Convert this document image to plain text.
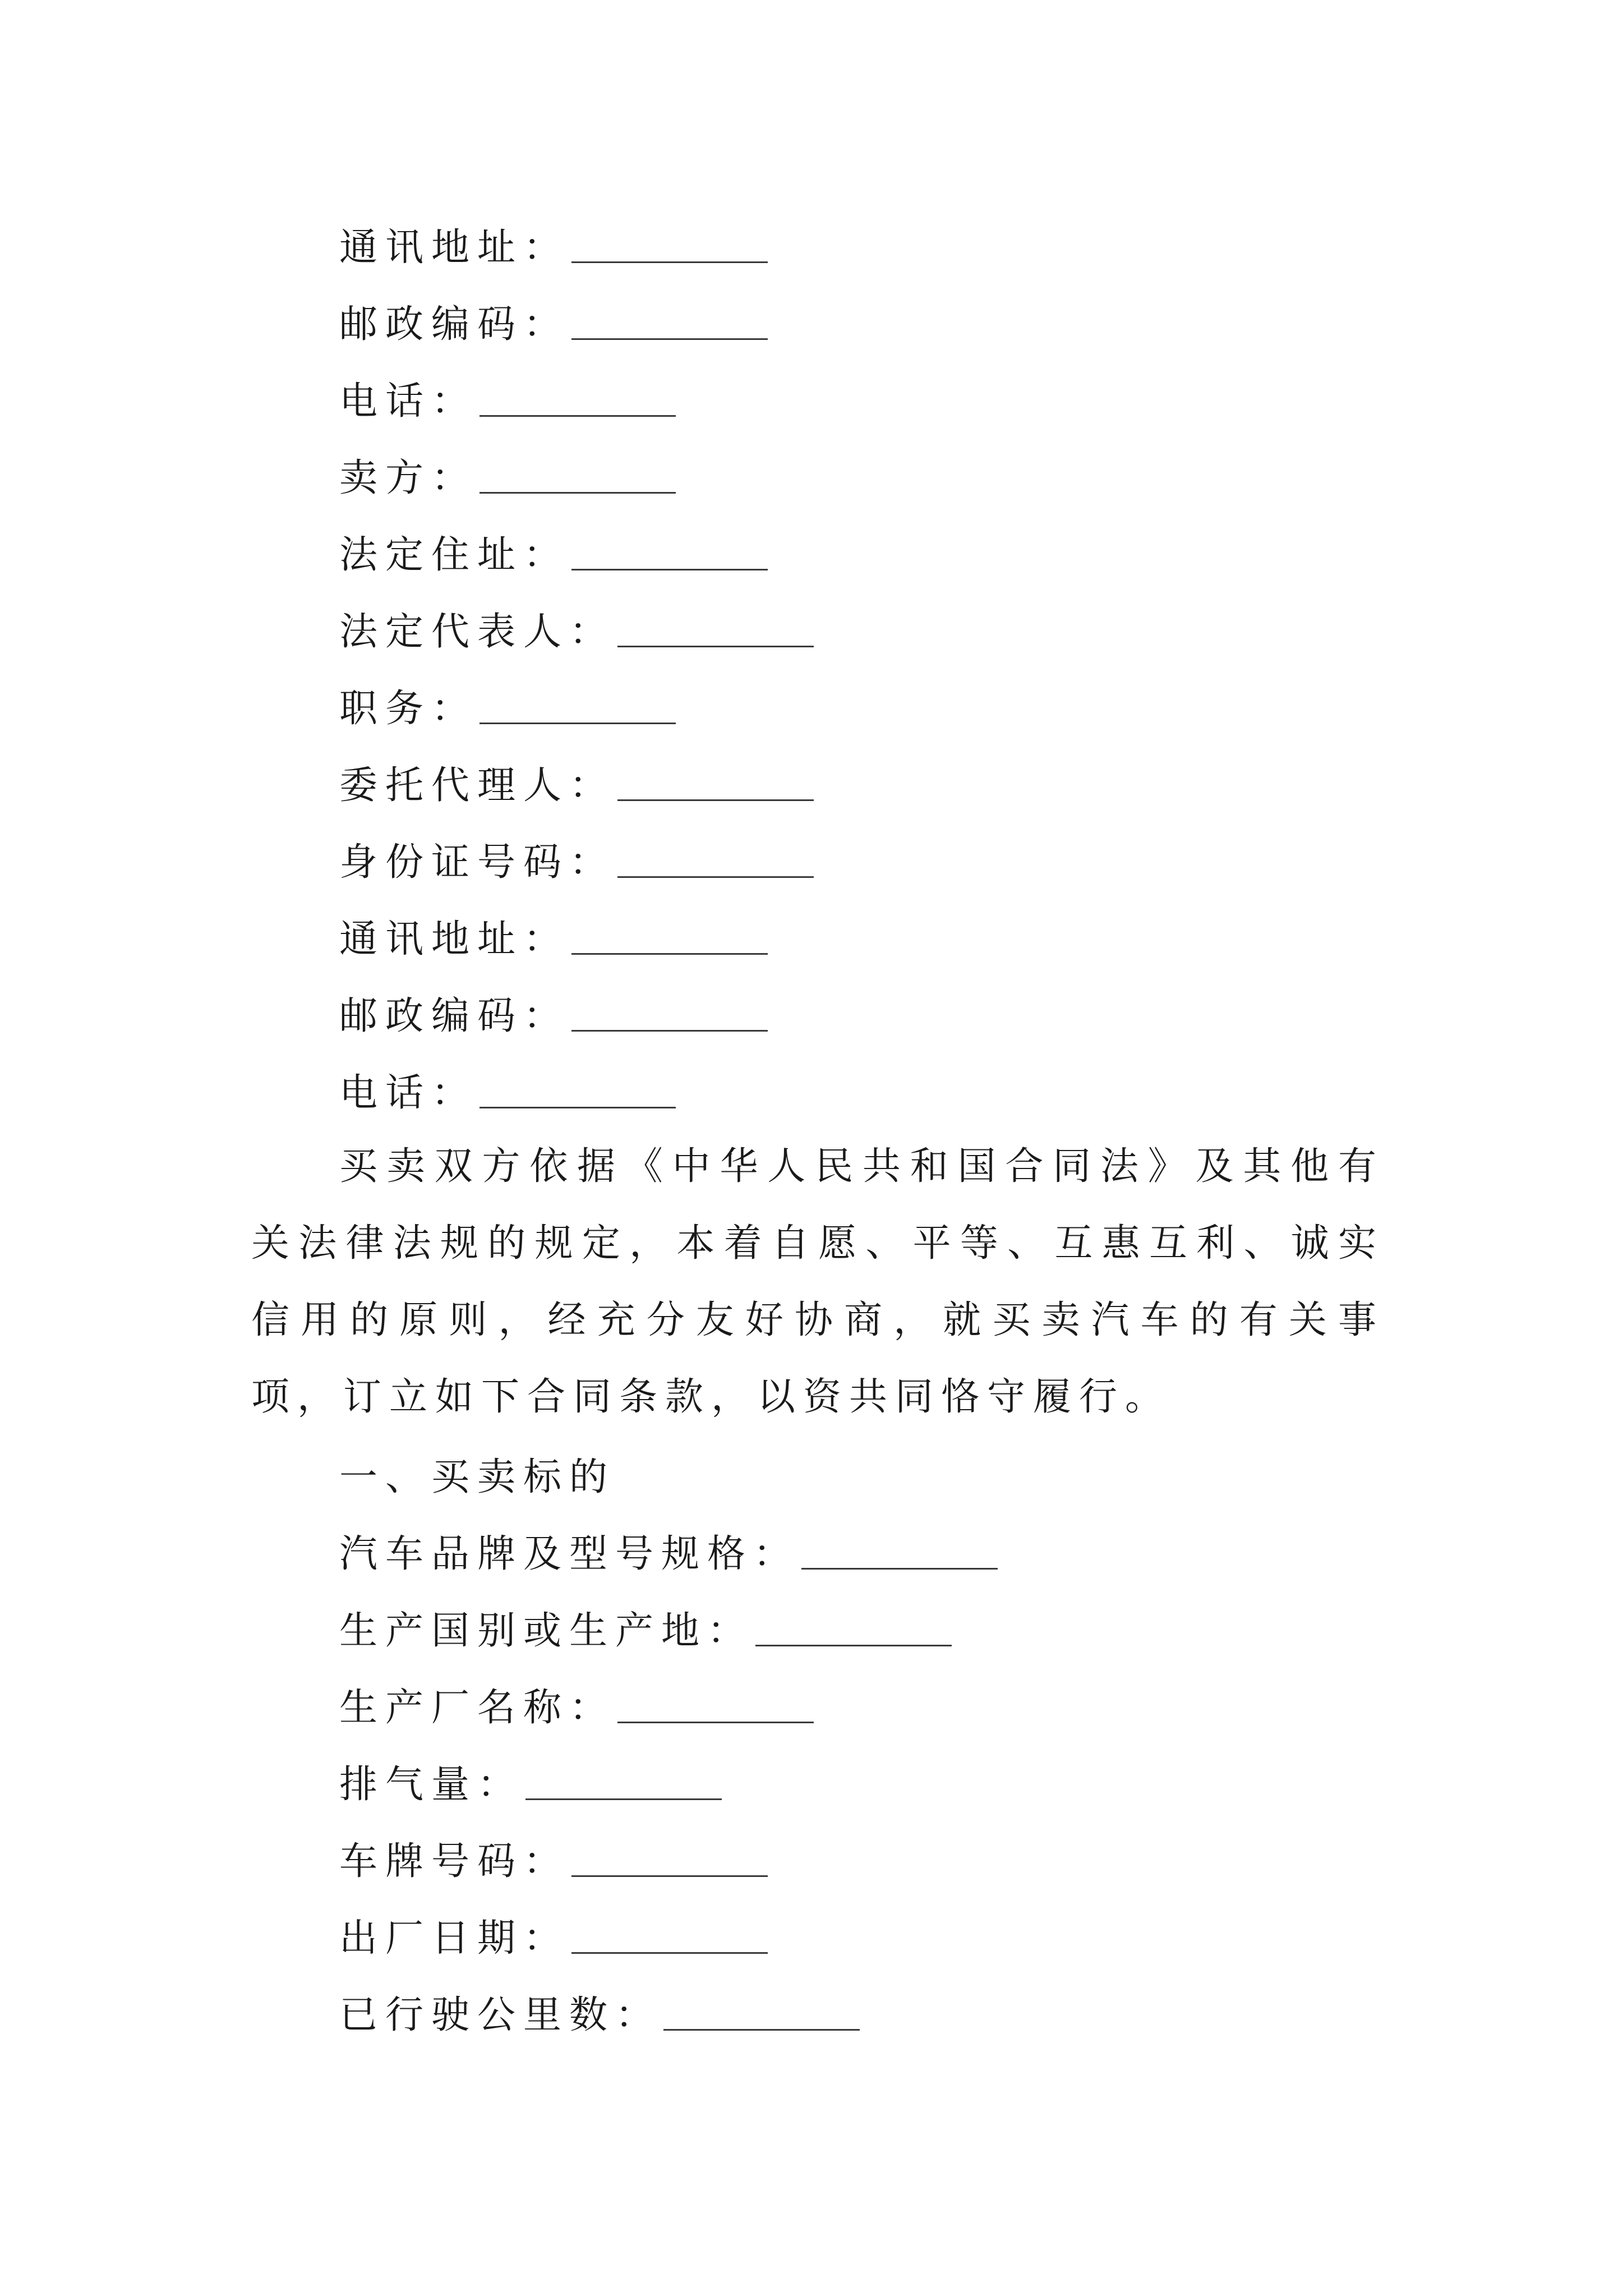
通讯地址：
邮政编码：
电话：
卖方：
法定住址：
法定代表人：
职务：
委托代理人：
身份证号码：
通讯地址：
邮政编码：
电话：
买卖双方依据《中华人民共和国合同法》及其他有关法律法规的规定，本着自愿、平等、互惠互利、诚实信用的原则，经充分友好协商，就买卖汽车的有关事项，订立如下合同条款，以资共同恪守履行。
一、买卖标的
汽车品牌及型号规格：
生产国别或生产地：
生产厂名称：
排气量：
车牌号码：
出厂日期：
已行驶公里数：
